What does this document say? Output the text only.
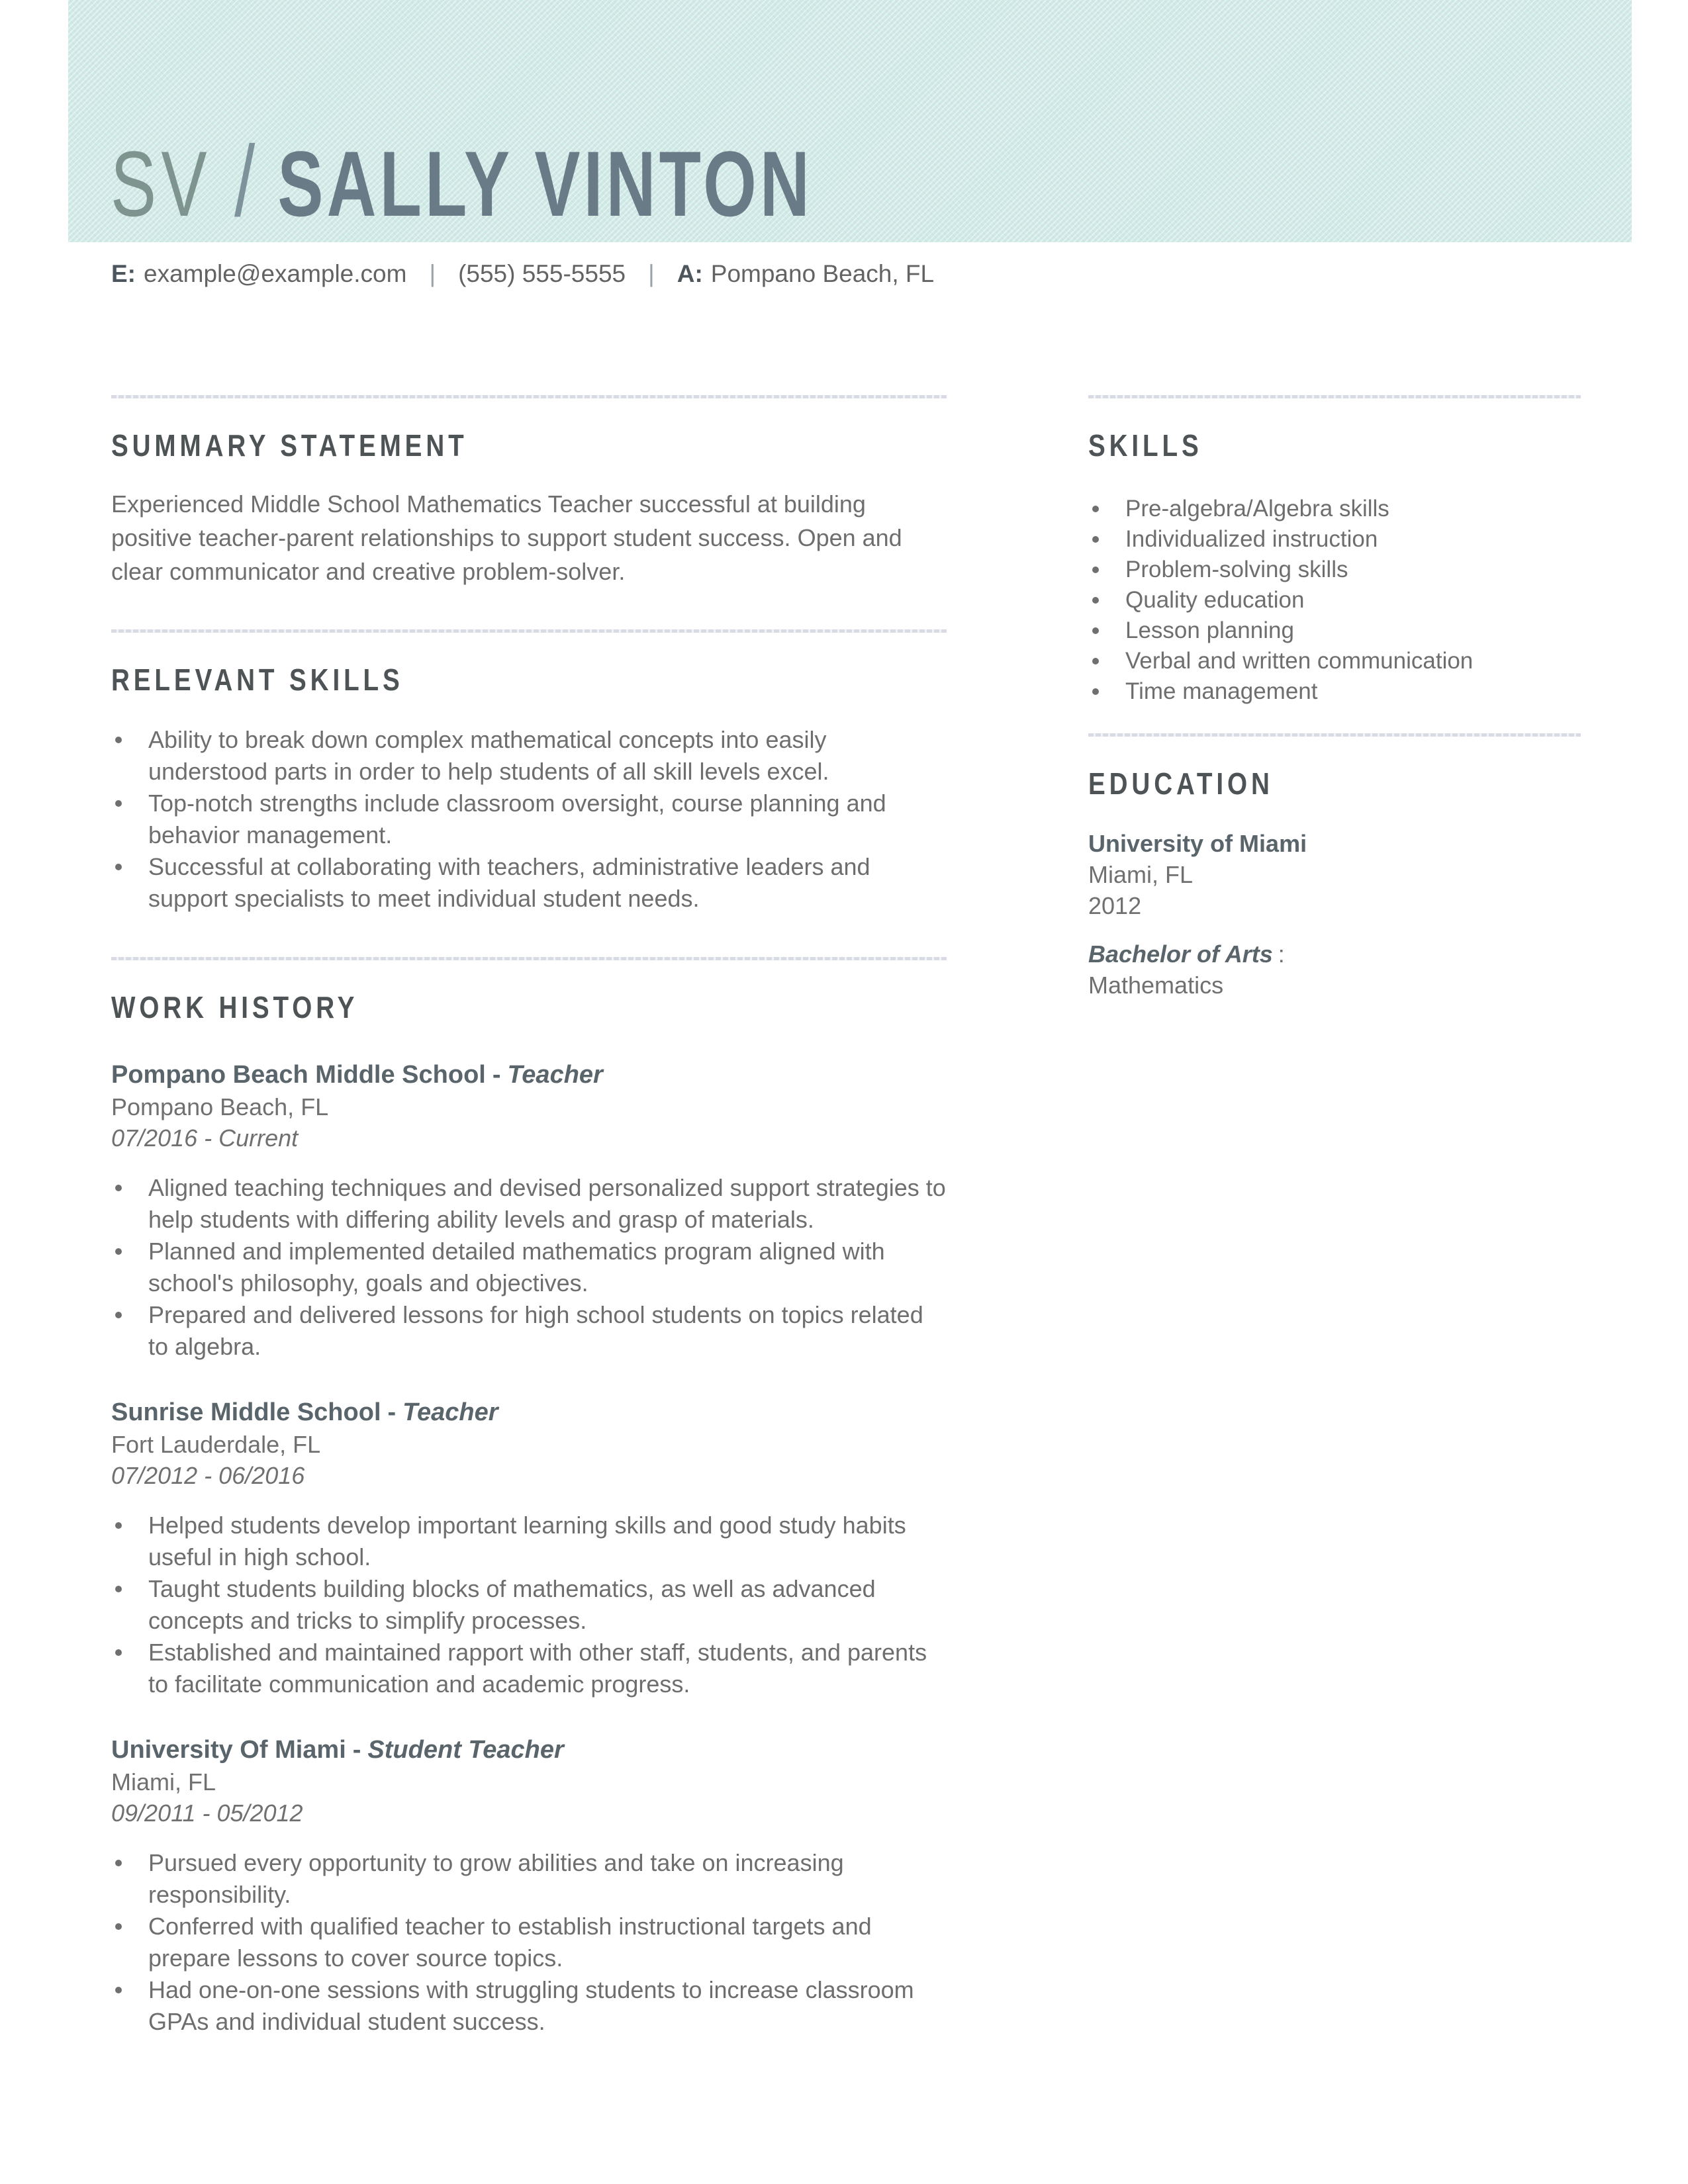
SV / SALLY VINTON
E: example@example.com | (555) 555-5555 | A: Pompano Beach, FL
SUMMARY STATEMENT

Experienced Middle School Mathematics Teacher successful at building positive teacher-parent relationships to support student success. Open and clear communicator and creative problem-solver.

RELEVANT SKILLS
Ability to break down complex mathematical concepts into easily understood parts in order to help students of all skill levels excel.
Top-notch strengths include classroom oversight, course planning and behavior management.
Successful at collaborating with teachers, administrative leaders and support specialists to meet individual student needs.
WORK HISTORY
Pompano Beach Middle School - Teacher
Pompano Beach, FL
07/2016 - Current
Aligned teaching techniques and devised personalized support strategies to help students with differing ability levels and grasp of materials.
Planned and implemented detailed mathematics program aligned with school's philosophy, goals and objectives.
Prepared and delivered lessons for high school students on topics related to algebra.
Sunrise Middle School - Teacher
Fort Lauderdale, FL
07/2012 - 06/2016
Helped students develop important learning skills and good study habits useful in high school.
Taught students building blocks of mathematics, as well as advanced concepts and tricks to simplify processes.
Established and maintained rapport with other staff, students, and parents to facilitate communication and academic progress.
University Of Miami - Student Teacher
Miami, FL
09/2011 - 05/2012
Pursued every opportunity to grow abilities and take on increasing responsibility.
Conferred with qualified teacher to establish instructional targets and prepare lessons to cover source topics.
Had one-on-one sessions with struggling students to increase classroom GPAs and individual student success.
SKILLS
Pre-algebra/Algebra skills
Individualized instruction
Problem-solving skills
Quality education
Lesson planning
Verbal and written communication
Time management
EDUCATION
University of Miami
Miami, FL
2012
Bachelor of Arts :
Mathematics
